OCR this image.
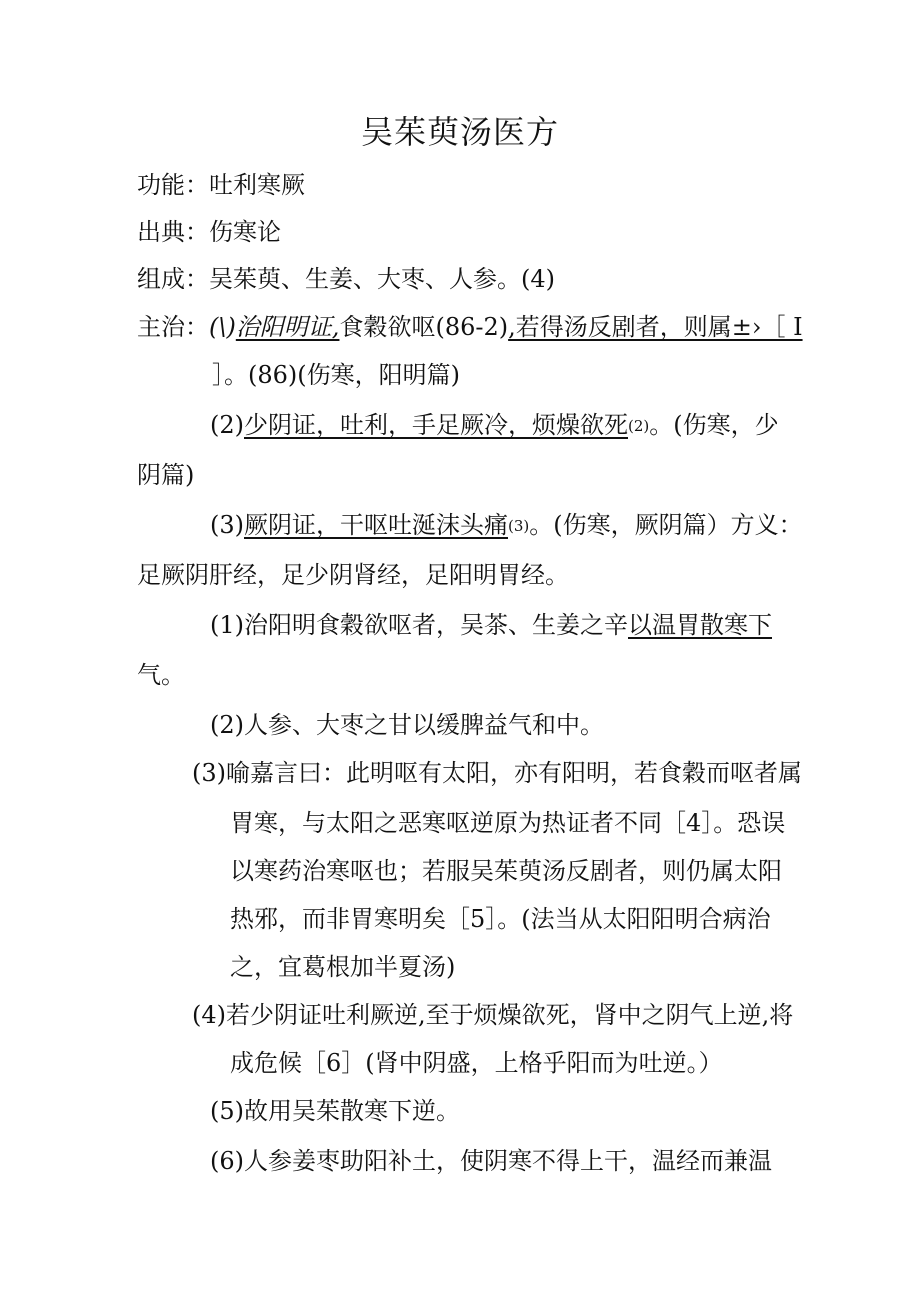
吴茱萸汤医方
功能：吐利寒厥
出典：伤寒论
组成：吴茱萸、生姜、大枣、人参。(4)
主治：(\)治阳明证,食穀欲呕(86-2),若得汤反剧者，则属±›［ I
］。(86)(伤寒，阳明篇)
(2)少阴证，吐利，手足厥冷，烦燥欲死(2)。(伤寒，少
阴篇)
(3)厥阴证，干呕吐涎沫头痛(3)。(伤寒，厥阴篇）方义：
足厥阴肝经，足少阴肾经，足阳明胃经。
(1)治阳明食穀欲呕者，吴茶、生姜之辛以温胃散寒下
气。
(2)人参、大枣之甘以缓脾益气和中。
(3)喻嘉言曰：此明呕有太阳，亦有阳明，若食穀而呕者属
胃寒，与太阳之恶寒呕逆原为热证者不同［4］。恐误
以寒药治寒呕也；若服吴茱萸汤反剧者，则仍属太阳
热邪，而非胃寒明矣［5］。(法当从太阳阳明合病治
之，宜葛根加半夏汤)
(4)若少阴证吐利厥逆,至于烦燥欲死，肾中之阴气上逆,将
成危候［6］(肾中阴盛，上格乎阳而为吐逆。）
(5)故用吴茱散寒下逆。
(6)人参姜枣助阳补土，使阴寒不得上干，温经而兼温
